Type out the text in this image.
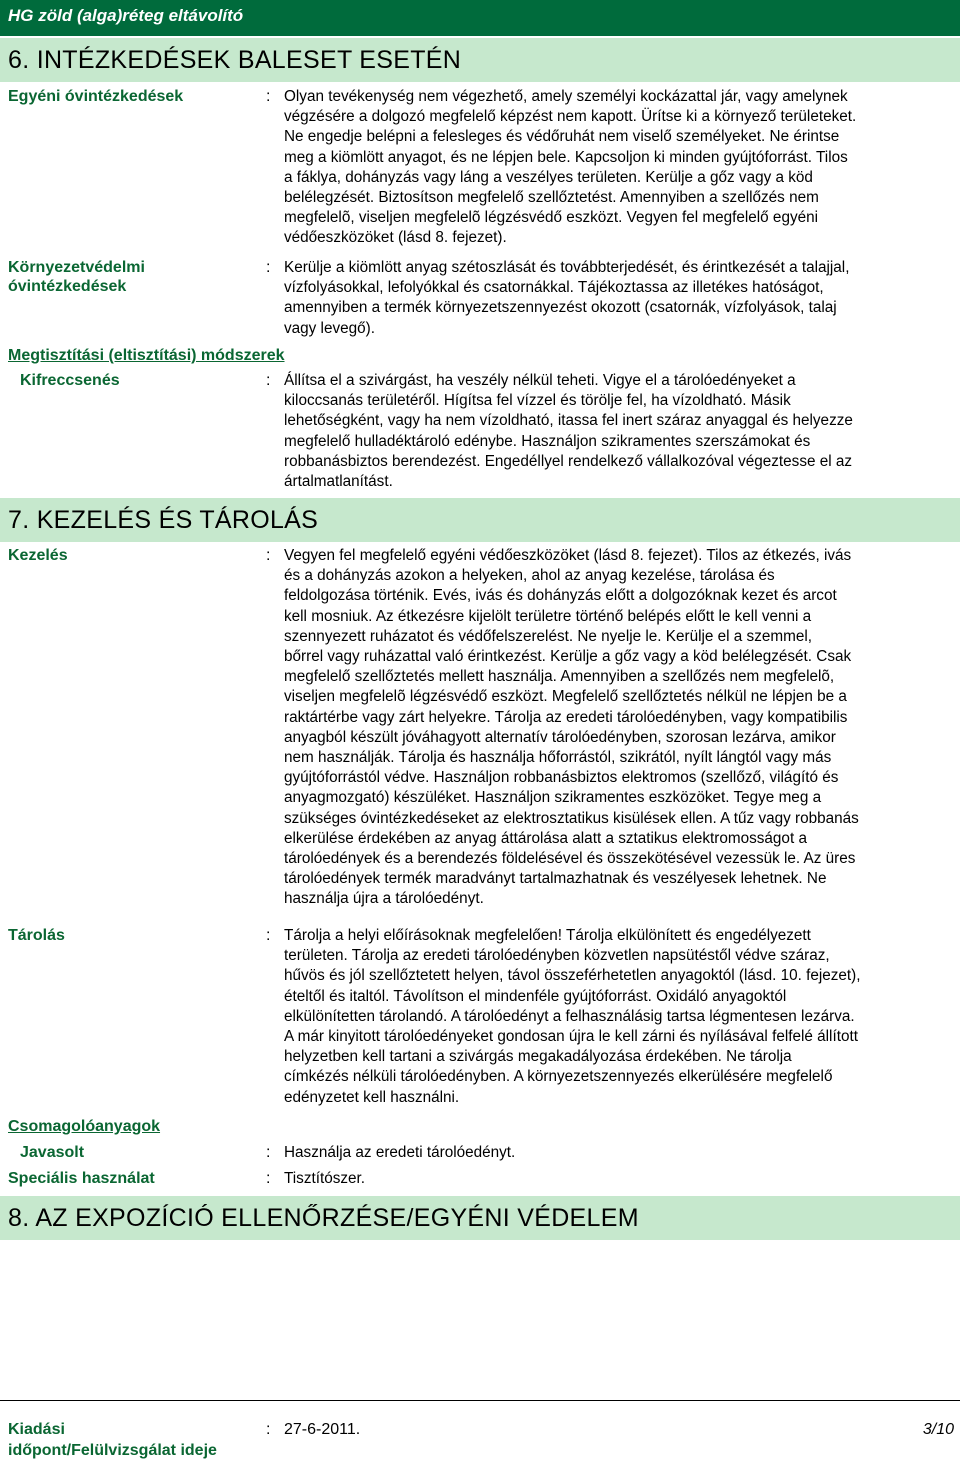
HG zöld (alga)réteg eltávolító
6. INTÉZKEDÉSEK BALESET ESETÉN
Egyéni óvintézkedések	: Olyan tevékenység nem végezhető, amely személyi kockázattal jár, vagy amelynek
végzésére a dolgozó megfelelő képzést nem kapott. Ürítse ki a környező területeket.
Ne engedje belépni a felesleges és védőruhát nem viselő személyeket. Ne érintse
meg a kiömlött anyagot, és ne lépjen bele. Kapcsoljon ki minden gyújtóforrást. Tilos
a fáklya, dohányzás vagy láng a veszélyes területen. Kerülje a gőz vagy a köd
belélegzését. Biztosítson megfelelő szellőztetést. Amennyiben a szellőzés nem
megfelelõ, viseljen megfelelõ légzésvédő eszközt. Vegyen fel megfelelő egyéni
védőeszközöket (lásd 8. fejezet).
Környezetvédelmi
óvintézkedések
: Kerülje a kiömlött anyag szétoszlását és továbbterjedését, és érintkezését a talajjal,
vízfolyásokkal, lefolyókkal és csatornákkal. Tájékoztassa az illetékes hatóságot,
amennyiben a termék környezetszennyezést okozott (csatornák, vízfolyások, talaj
vagy levegő).
Megtisztítási (eltisztítási) módszerek
Kifreccsenés	: Állítsa el a szivárgást, ha veszély nélkül teheti. Vigye el a tárolóedényeket a
kiloccsanás területéről. Hígítsa fel vízzel és törölje fel, ha vízoldható. Másik
lehetőségként, vagy ha nem vízoldható, itassa fel inert száraz anyaggal és helyezze
megfelelő hulladéktároló edénybe. Használjon szikramentes szerszámokat és
robbanásbiztos berendezést. Engedéllyel rendelkező vállalkozóval végeztesse el az
ártalmatlanítást.
7. KEZELÉS ÉS TÁROLÁS
Kezelés	: Vegyen fel megfelelő egyéni védőeszközöket (lásd 8. fejezet). Tilos az étkezés, ivás
és a dohányzás azokon a helyeken, ahol az anyag kezelése, tárolása és
feldolgozása történik. Evés, ivás és dohányzás előtt a dolgozóknak kezet és arcot
kell mosniuk. Az étkezésre kijelölt területre történő belépés előtt le kell venni a
szennyezett ruházatot és védőfelszerelést. Ne nyelje le. Kerülje el a szemmel,
bőrrel vagy ruházattal való érintkezést. Kerülje a gőz vagy a köd belélegzését. Csak
megfelelő szellőztetés mellett használja. Amennyiben a szellőzés nem megfelelõ,
viseljen megfelelõ légzésvédő eszközt. Megfelelő szellőztetés nélkül ne lépjen be a
raktártérbe vagy zárt helyekre. Tárolja az eredeti tárolóedényben, vagy kompatibilis
anyagból készült jóváhagyott alternatív tárolóedényben, szorosan lezárva, amikor
nem használják. Tárolja és használja hőforrástól, szikrától, nyílt lángtól vagy más
gyújtóforrástól védve. Használjon robbanásbiztos elektromos (szellőző, világító és
anyagmozgató) készüléket. Használjon szikramentes eszközöket. Tegye meg a
szükséges óvintézkedéseket az elektrosztatikus kisülések ellen. A tűz vagy robbanás
elkerülése érdekében az anyag áttárolása alatt a sztatikus elektromosságot a
tárolóedények és a berendezés földelésével és összekötésével vezessük le. Az üres
tárolóedények termék maradványt tartalmazhatnak és veszélyesek lehetnek. Ne
használja újra a tárolóedényt.
Tárolás	: Tárolja a helyi előírásoknak megfelelően! Tárolja elkülönített és engedélyezett
területen. Tárolja az eredeti tárolóedényben közvetlen napsütéstől védve száraz,
hűvös és jól szellőztetett helyen, távol összeférhetetlen anyagoktól (lásd. 10. fejezet),
ételtől és italtól. Távolítson el mindenféle gyújtóforrást. Oxidáló anyagoktól
elkülönítetten tárolandó. A tárolóedényt a felhasználásig tartsa légmentesen lezárva.
A már kinyitott tárolóedényeket gondosan újra le kell zárni és nyílásával felfelé állított
helyzetben kell tartani a szivárgás megakadályozása érdekében. Ne tárolja
címkézés nélküli tárolóedényben. A környezetszennyezés elkerülésére megfelelő
edényzetet kell használni.
Csomagolóanyagok
Javasolt	: Használja az eredeti tárolóedényt.
Speciális használat	: Tisztítószer.
8. AZ EXPOZÍCIÓ ELLENŐRZÉSE/EGYÉNI VÉDELEM
Kiadási
időpont/Felülvizsgálat ideje
: 27-6-2011.	3/10
